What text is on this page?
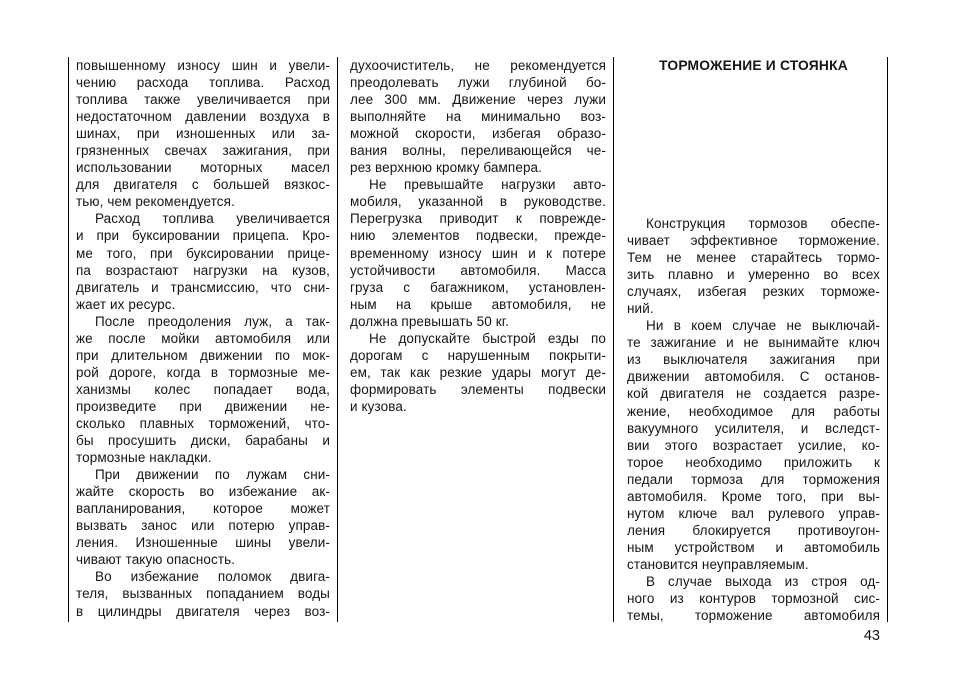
повышенному износу шин и увели-
чению расхода топлива. Расход
топлива также увеличивается при
недостаточном давлении воздуха в
шинах, при изношенных или за-
грязненных свечах зажигания, при
использовании моторных масел
для двигателя с большей вязкос-
тью, чем рекомендуется.
Расход топлива увеличивается
и при буксировании прицепа. Кро-
ме того, при буксировании прице-
па возрастают нагрузки на кузов,
двигатель и трансмиссию, что сни-
жает их ресурс.
После преодоления луж, а так-
же после мойки автомобиля или
при длительном движении по мок-
рой дороге, когда в тормозные ме-
ханизмы колес попадает вода,
произведите при движении не-
сколько плавных торможений, что-
бы просушить диски, барабаны и
тормозные накладки.
При движении по лужам сни-
жайте скорость во избежание ак-
вапланирования, которое может
вызвать занос или потерю управ-
ления. Изношенные шины увели-
чивают такую опасность.
Во избежание поломок двига-
теля, вызванных попаданием воды
в цилиндры двигателя через воз-
духоочиститель, не рекомендуется
преодолевать лужи глубиной бо-
лее 300 мм. Движение через лужи
выполняйте на минимально воз-
можной скорости, избегая образо-
вания волны, переливающейся че-
рез верхнюю кромку бампера.
Не превышайте нагрузки авто-
мобиля, указанной в руководстве.
Перегрузка приводит к поврежде-
нию элементов подвески, прежде-
временному износу шин и к потере
устойчивости автомобиля. Масса
груза с багажником, установлен-
ным на крыше автомобиля, не
должна превышать 50 кг.
Не допускайте быстрой езды по
дорогам с нарушенным покрыти-
ем, так как резкие удары могут де-
формировать элементы подвески
и кузова.
ТОРМОЖЕНИЕ И СТОЯНКА
Конструкция тормозов обеспе-
чивает эффективное торможение.
Тем не менее старайтесь тормо-
зить плавно и умеренно во всех
случаях, избегая резких торможе-
ний.
Ни в коем случае не выключай-
те зажигание и не вынимайте ключ
из выключателя зажигания при
движении автомобиля. С останов-
кой двигателя не создается разре-
жение, необходимое для работы
вакуумного усилителя, и вследст-
вии этого возрастает усилие, ко-
торое необходимо приложить к
педали тормоза для торможения
автомобиля. Кроме того, при вы-
нутом ключе вал рулевого управ-
ления блокируется противоугон-
ным устройством и автомобиль
становится неуправляемым.
В случае выхода из строя од-
ного из контуров тормозной сис-
темы, торможение автомобиля
43
